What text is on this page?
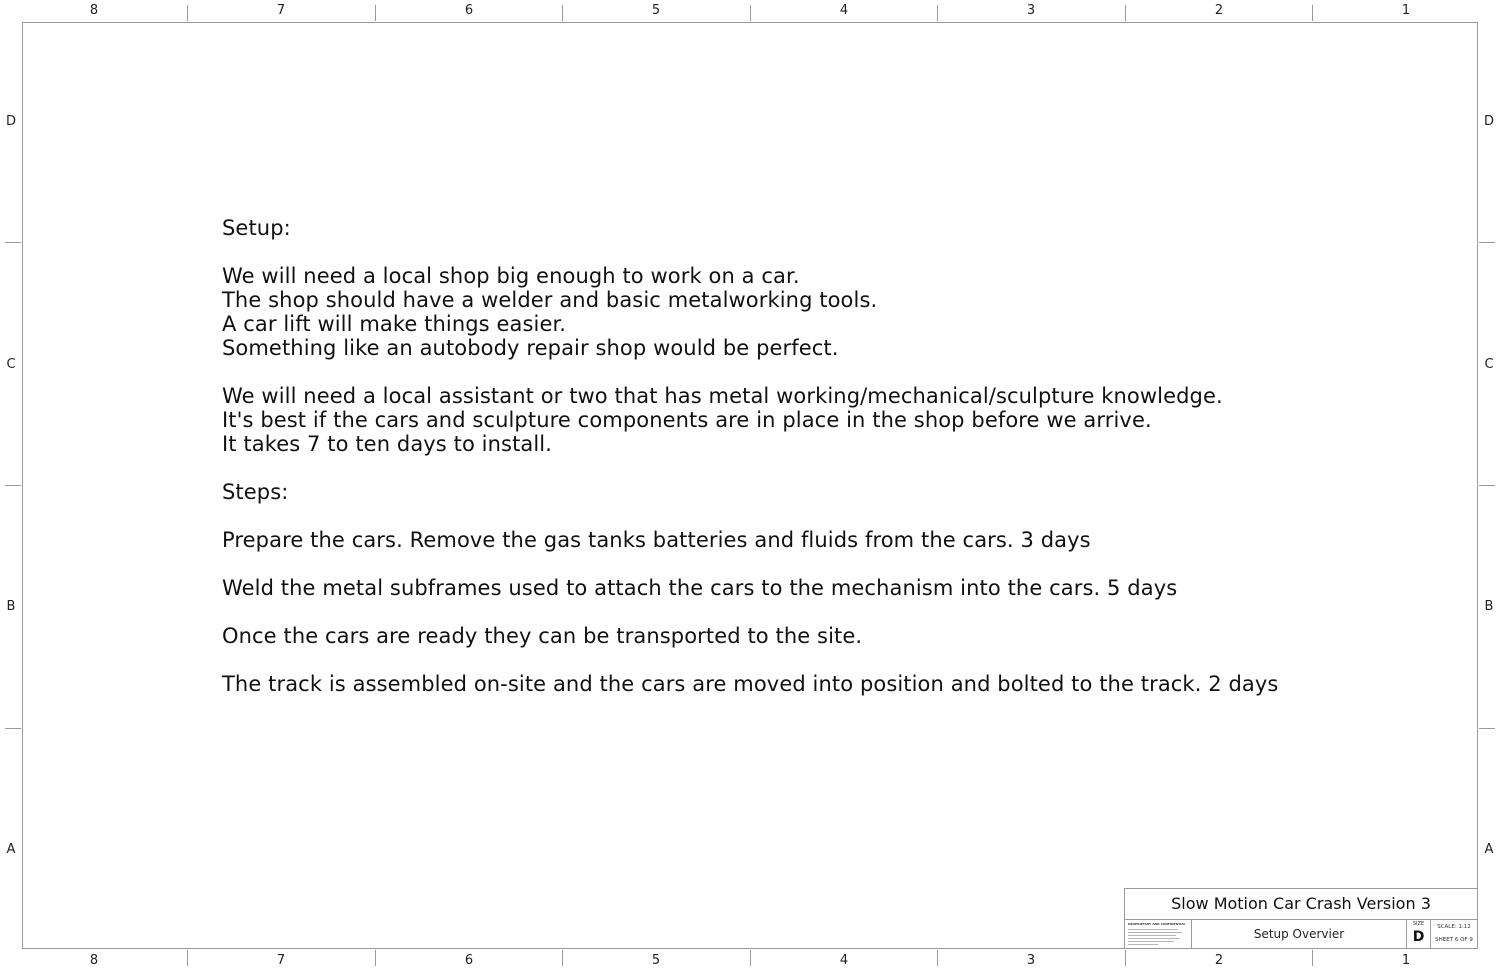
8	7	6	5	4	3	2	1
8	7	6	5	4	3	2	1
D
C
B
A
D
C
B
A
Setup:
We will need a local shop big enough to work on a car.
The shop should have a welder and basic metalworking tools.
A car lift will make things easier.
Something like an autobody repair shop would be perfect.
We will need a local assistant or two that has metal working/mechanical/sculpture knowledge.
It's best if the cars and sculpture components are in place in the shop before we arrive.
It takes 7 to ten days to install.
Steps:
Prepare the cars. Remove the gas tanks batteries and fluids from the cars. 3 days
Weld the metal subframes used to attach the cars to the mechanism into the cars. 5 days
Once the cars are ready they can be transported to the site.
The track is assembled on-site and the cars are moved into position and bolted to the track. 2 days
Slow Motion Car Crash Version 3
PROPRIETARY AND CONFIDENTIAL
Setup Overvier
SIZE
D
SCALE: 1:12
SHEET 6 OF 9
